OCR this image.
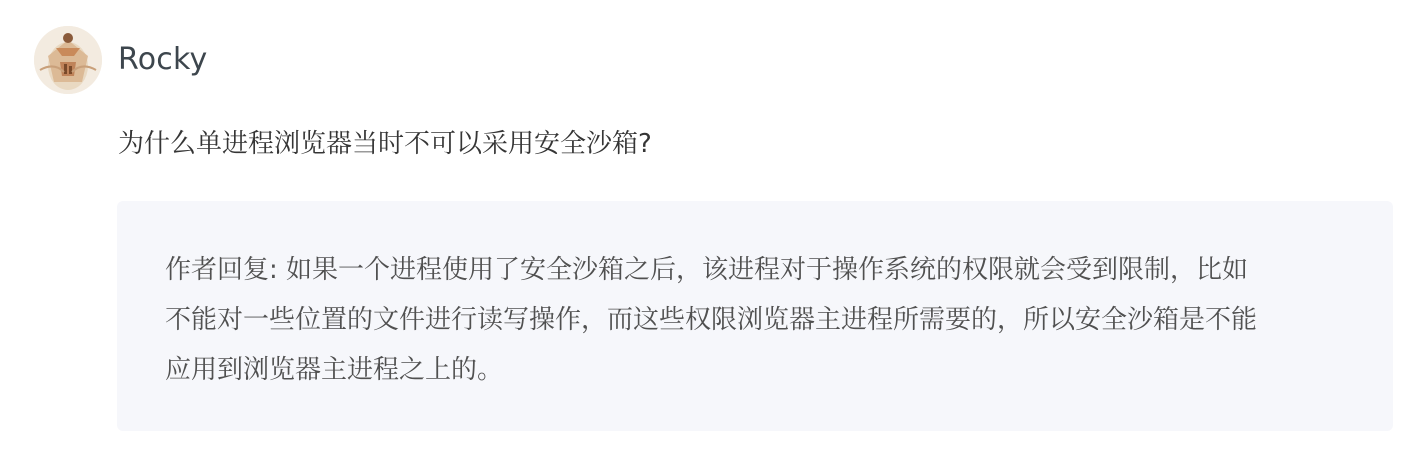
Rocky
为什么单进程浏览器当时不可以采用安全沙箱?
作者回复: 如果一个进程使用了安全沙箱之后，该进程对于操作系统的权限就会受到限制，比如
不能对一些位置的文件进行读写操作，而这些权限浏览器主进程所需要的，所以安全沙箱是不能
应用到浏览器主进程之上的。
